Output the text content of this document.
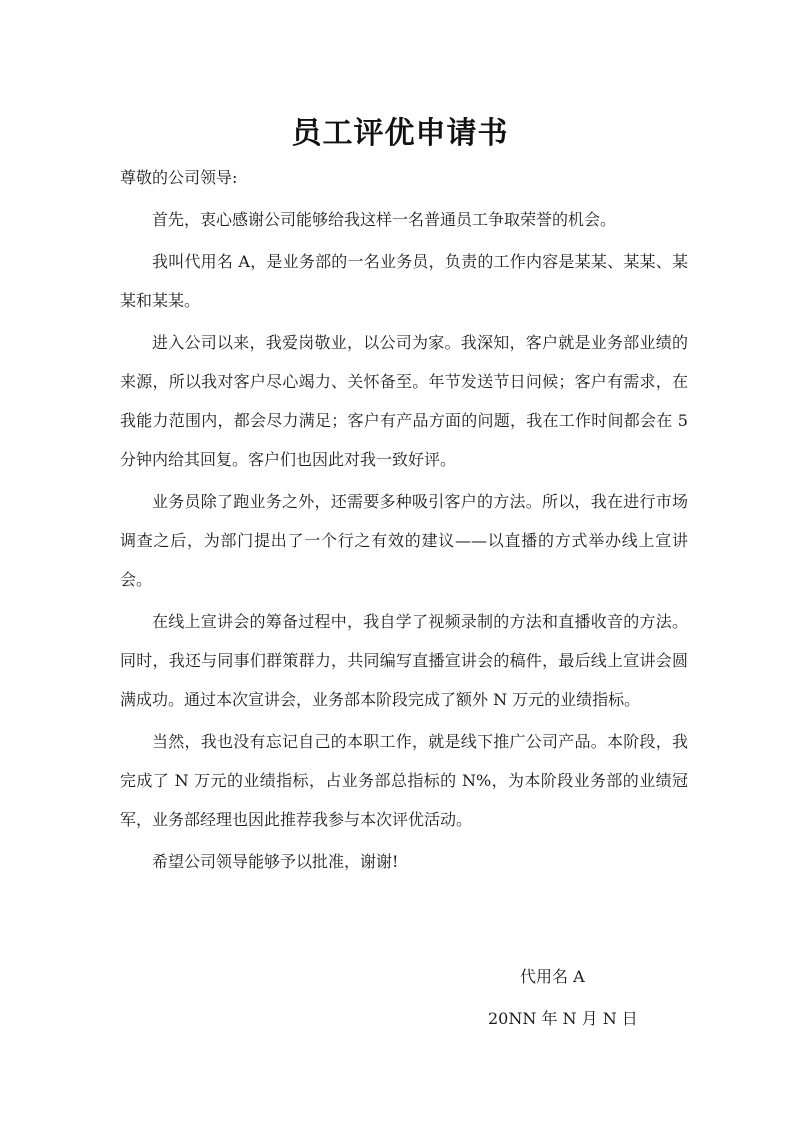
员工评优申请书

尊敬的公司领导:

首先，衷心感谢公司能够给我这样一名普通员工争取荣誉的机会。

我叫代用名 A，是业务部的一名业务员，负责的工作内容是某某、某某、某某和某某。

进入公司以来，我爱岗敬业，以公司为家。我深知，客户就是业务部业绩的来源，所以我对客户尽心竭力、关怀备至。年节发送节日问候；客户有需求，在我能力范围内，都会尽力满足；客户有产品方面的问题，我在工作时间都会在 5 分钟内给其回复。客户们也因此对我一致好评。

业务员除了跑业务之外，还需要多种吸引客户的方法。所以，我在进行市场调查之后，为部门提出了一个行之有效的建议——以直播的方式举办线上宣讲会。

在线上宣讲会的筹备过程中，我自学了视频录制的方法和直播收音的方法。同时，我还与同事们群策群力，共同编写直播宣讲会的稿件，最后线上宣讲会圆满成功。通过本次宣讲会，业务部本阶段完成了额外 N 万元的业绩指标。

当然，我也没有忘记自己的本职工作，就是线下推广公司产品。本阶段，我完成了 N 万元的业绩指标，占业务部总指标的 N%，为本阶段业务部的业绩冠军，业务部经理也因此推荐我参与本次评优活动。

希望公司领导能够予以批准，谢谢!

代用名 A
20NN 年 N 月 N 日
